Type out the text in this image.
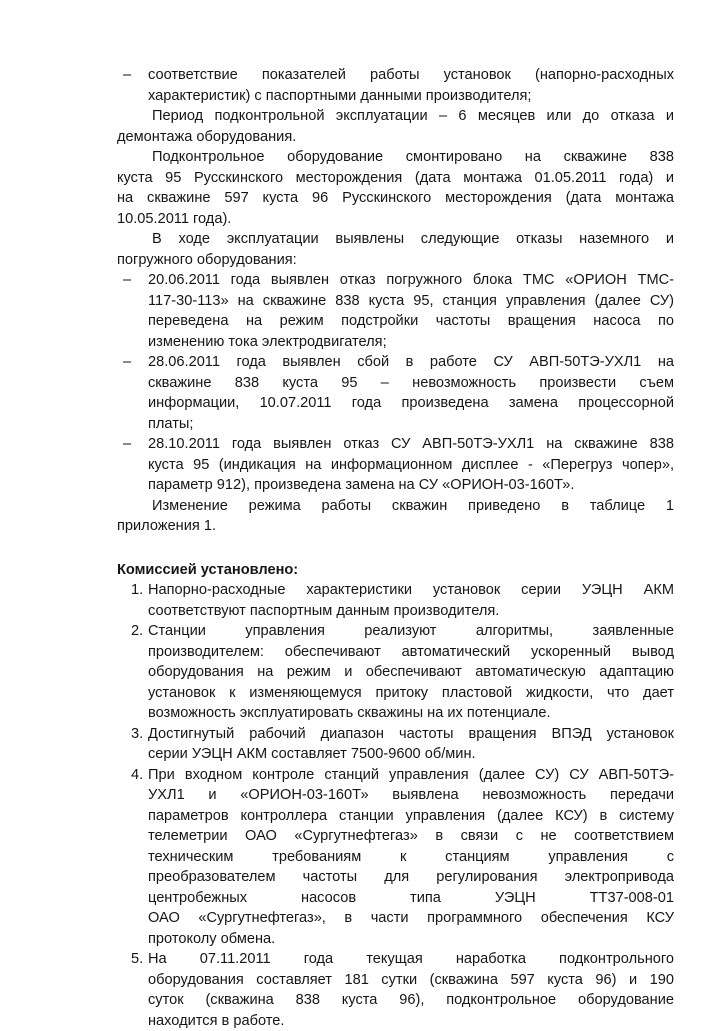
– соответствие показателей работы установок (напорно-расходных

характеристик) с паспортными данными производителя;

Период подконтрольной эксплуатации – 6 месяцев или до отказа и

демонтажа оборудования.

Подконтрольное оборудование смонтировано на скважине 838

куста 95 Русскинского месторождения (дата монтажа 01.05.2011 года) и

на скважине 597 куста 96 Русскинского месторождения (дата монтажа

10.05.2011 года).

В ходе эксплуатации выявлены следующие отказы наземного и

погружного оборудования:

– 20.06.2011 года выявлен отказ погружного блока ТМС «ОРИОН ТМС-

117-30-113» на скважине 838 куста 95, станция управления (далее СУ)

переведена на режим подстройки частоты вращения насоса по

изменению тока электродвигателя;

– 28.06.2011 года выявлен сбой в работе СУ АВП-50ТЭ-УХЛ1 на

скважине 838 куста 95 – невозможность произвести съем

информации, 10.07.2011 года произведена замена процессорной

платы;

– 28.10.2011 года выявлен отказ СУ АВП-50ТЭ-УХЛ1 на скважине 838

куста 95 (индикация на информационном дисплее - «Перегруз чопер»,

параметр 912), произведена замена на СУ «ОРИОН-03-160Т».

Изменение режима работы скважин приведено в таблице 1

приложения 1.

Комиссией установлено:

1. Напорно-расходные характеристики установок серии УЭЦН АКМ

соответствуют паспортным данным производителя.

2. Станции управления реализуют алгоритмы, заявленные

производителем: обеспечивают автоматический ускоренный вывод

оборудования на режим и обеспечивают автоматическую адаптацию

установок к изменяющемуся притоку пластовой жидкости, что дает

возможность эксплуатировать скважины на их потенциале.

3. Достигнутый рабочий диапазон частоты вращения ВПЭД установок

серии УЭЦН АКМ составляет 7500-9600 об/мин.

4. При входном контроле станций управления (далее СУ) СУ АВП-50ТЭ-

УХЛ1 и «ОРИОН-03-160Т» выявлена невозможность передачи

параметров контроллера станции управления (далее КСУ) в систему

телеметрии ОАО «Сургутнефтегаз» в связи с не соответствием

техническим требованиям к станциям управления с

преобразователем частоты для регулирования электропривода

центробежных насосов типа УЭЦН ТТ37-008-01

ОАО «Сургутнефтегаз», в части программного обеспечения КСУ

протоколу обмена.

5. На 07.11.2011 года текущая наработка подконтрольного

оборудования составляет 181 сутки (скважина 597 куста 96) и 190

суток (скважина 838 куста 96), подконтрольное оборудование

находится в работе.
